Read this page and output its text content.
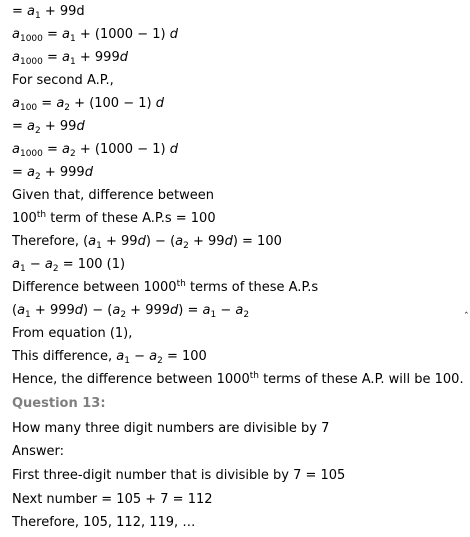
= $a_1 + 99d$
$a_{1000} = a_1 + (1000 - 1)$ d
$a_{1000} = a_1 + 999d$
For second A.P.,
$a_{100} = a_2 + (100 - 1)$ d
= $a_2 + 99d$
$a_{1000} = a_2 + (1000 - 1)$ d
= $a_2 + 999d$
Given that, difference between
100th term of these A.P.s = 100
Therefore, $(a_1 + 99d) - (a_2 + 99d) = 100$
$a_1 - a_2 = 100$ (1)
Difference between 1000th terms of these A.P.s
$(a_1 + 999d) - (a_2 + 999d) = a_1 - a_2$
From equation (1),
This difference, $a_1 - a_2 = 100$
Hence, the difference between 1000th terms of these A.P. will be 100.
Question 13:
How many three digit numbers are divisible by 7
Answer:
First three-digit number that is divisible by 7 = 105
Next number = 105 + 7 = 112
Therefore, 105, 112, 119, …
‸
